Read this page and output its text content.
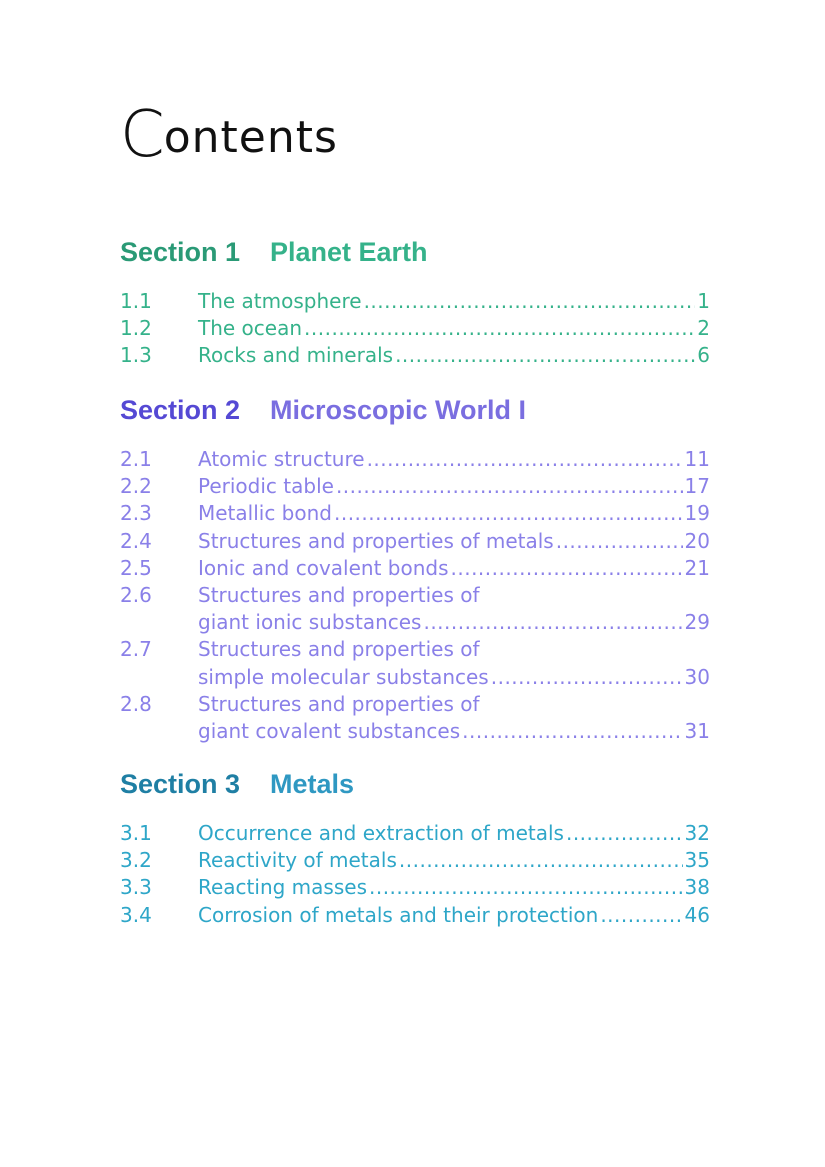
Contents
Section 1 Planet Earth
1.1	The atmosphere .....	1
1.2	The ocean .....	2
1.3	Rocks and minerals .....	6
Section 2 Microscopic World I
2.1	Atomic structure .....	11
2.2	Periodic table .....	17
2.3	Metallic bond .....	19
2.4	Structures and properties of metals .....	20
2.5	Ionic and covalent bonds .....	21
2.6	Structures and properties of
giant ionic substances .....	29
2.7	Structures and properties of
simple molecular substances .....	30
2.8	Structures and properties of
giant covalent substances .....	31
Section 3 Metals
3.1	Occurrence and extraction of metals .....	32
3.2	Reactivity of metals .....	35
3.3	Reacting masses .....	38
3.4	Corrosion of metals and their protection .....	46
